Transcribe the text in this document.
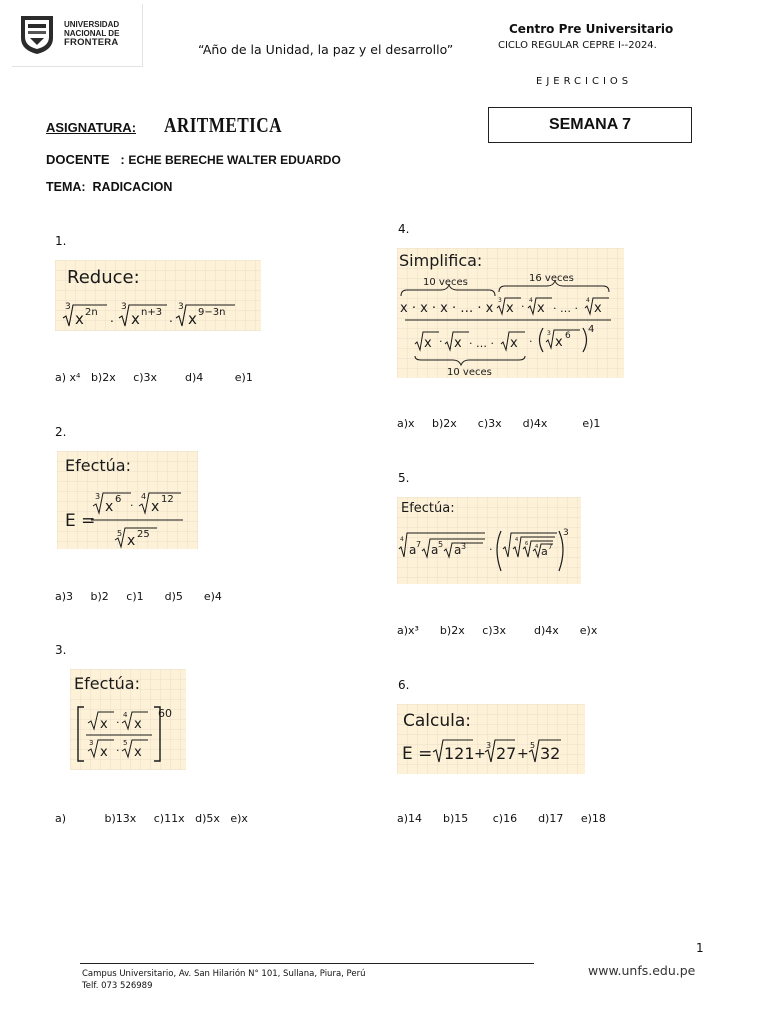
UNIVERSIDAD
NACIONAL DE
FRONTERA	“Año de la Unidad, la paz y el desarrollo”
Centro Pre Universitario
CICLO REGULAR CEPRE I--2024.
EJERCICIOS
ASIGNATURA: ARITMETICA	SEMANA 7
DOCENTE   : ECHE BERECHE WALTER EDUARDO
TEMA: RADICACION
1.
Reduce:
3	3	3
x 2n . x n+3 . x 9−3n
a) x⁴   b)2x     c)3x        d)4         e)1
2.
Efectúa:
E =
3	4
5
x 6 · x 12
x 25
a)3     b)2     c)1      d)5      e)4
3.
Efectúa:
60
x ·
4
x
3
x ·
5
x
a)           b)13x     c)11x   d)5x   e)x
4.
Simplifica:
10 veces	16 veces
x · x · x · … · x
3
x · 4
x · … ·
4
x
x · x · … · x ·
3
x 6
4
10 veces
a)x     b)2x      c)3x      d)4x          e)1
5.
Efectúa:
4
a 7 a 5 a 3 ·
4
6 4 a 7
3
a)x³      b)2x     c)3x        d)4x      e)x
6.
Calcula:
E = 121 +
3 27 +
5 32
a)14      b)15       c)16      d)17     e)18
1
Campus Universitario, Av. San Hilarión N° 101, Sullana, Piura, Perú
Telf. 073 526989
www.unfs.edu.pe
